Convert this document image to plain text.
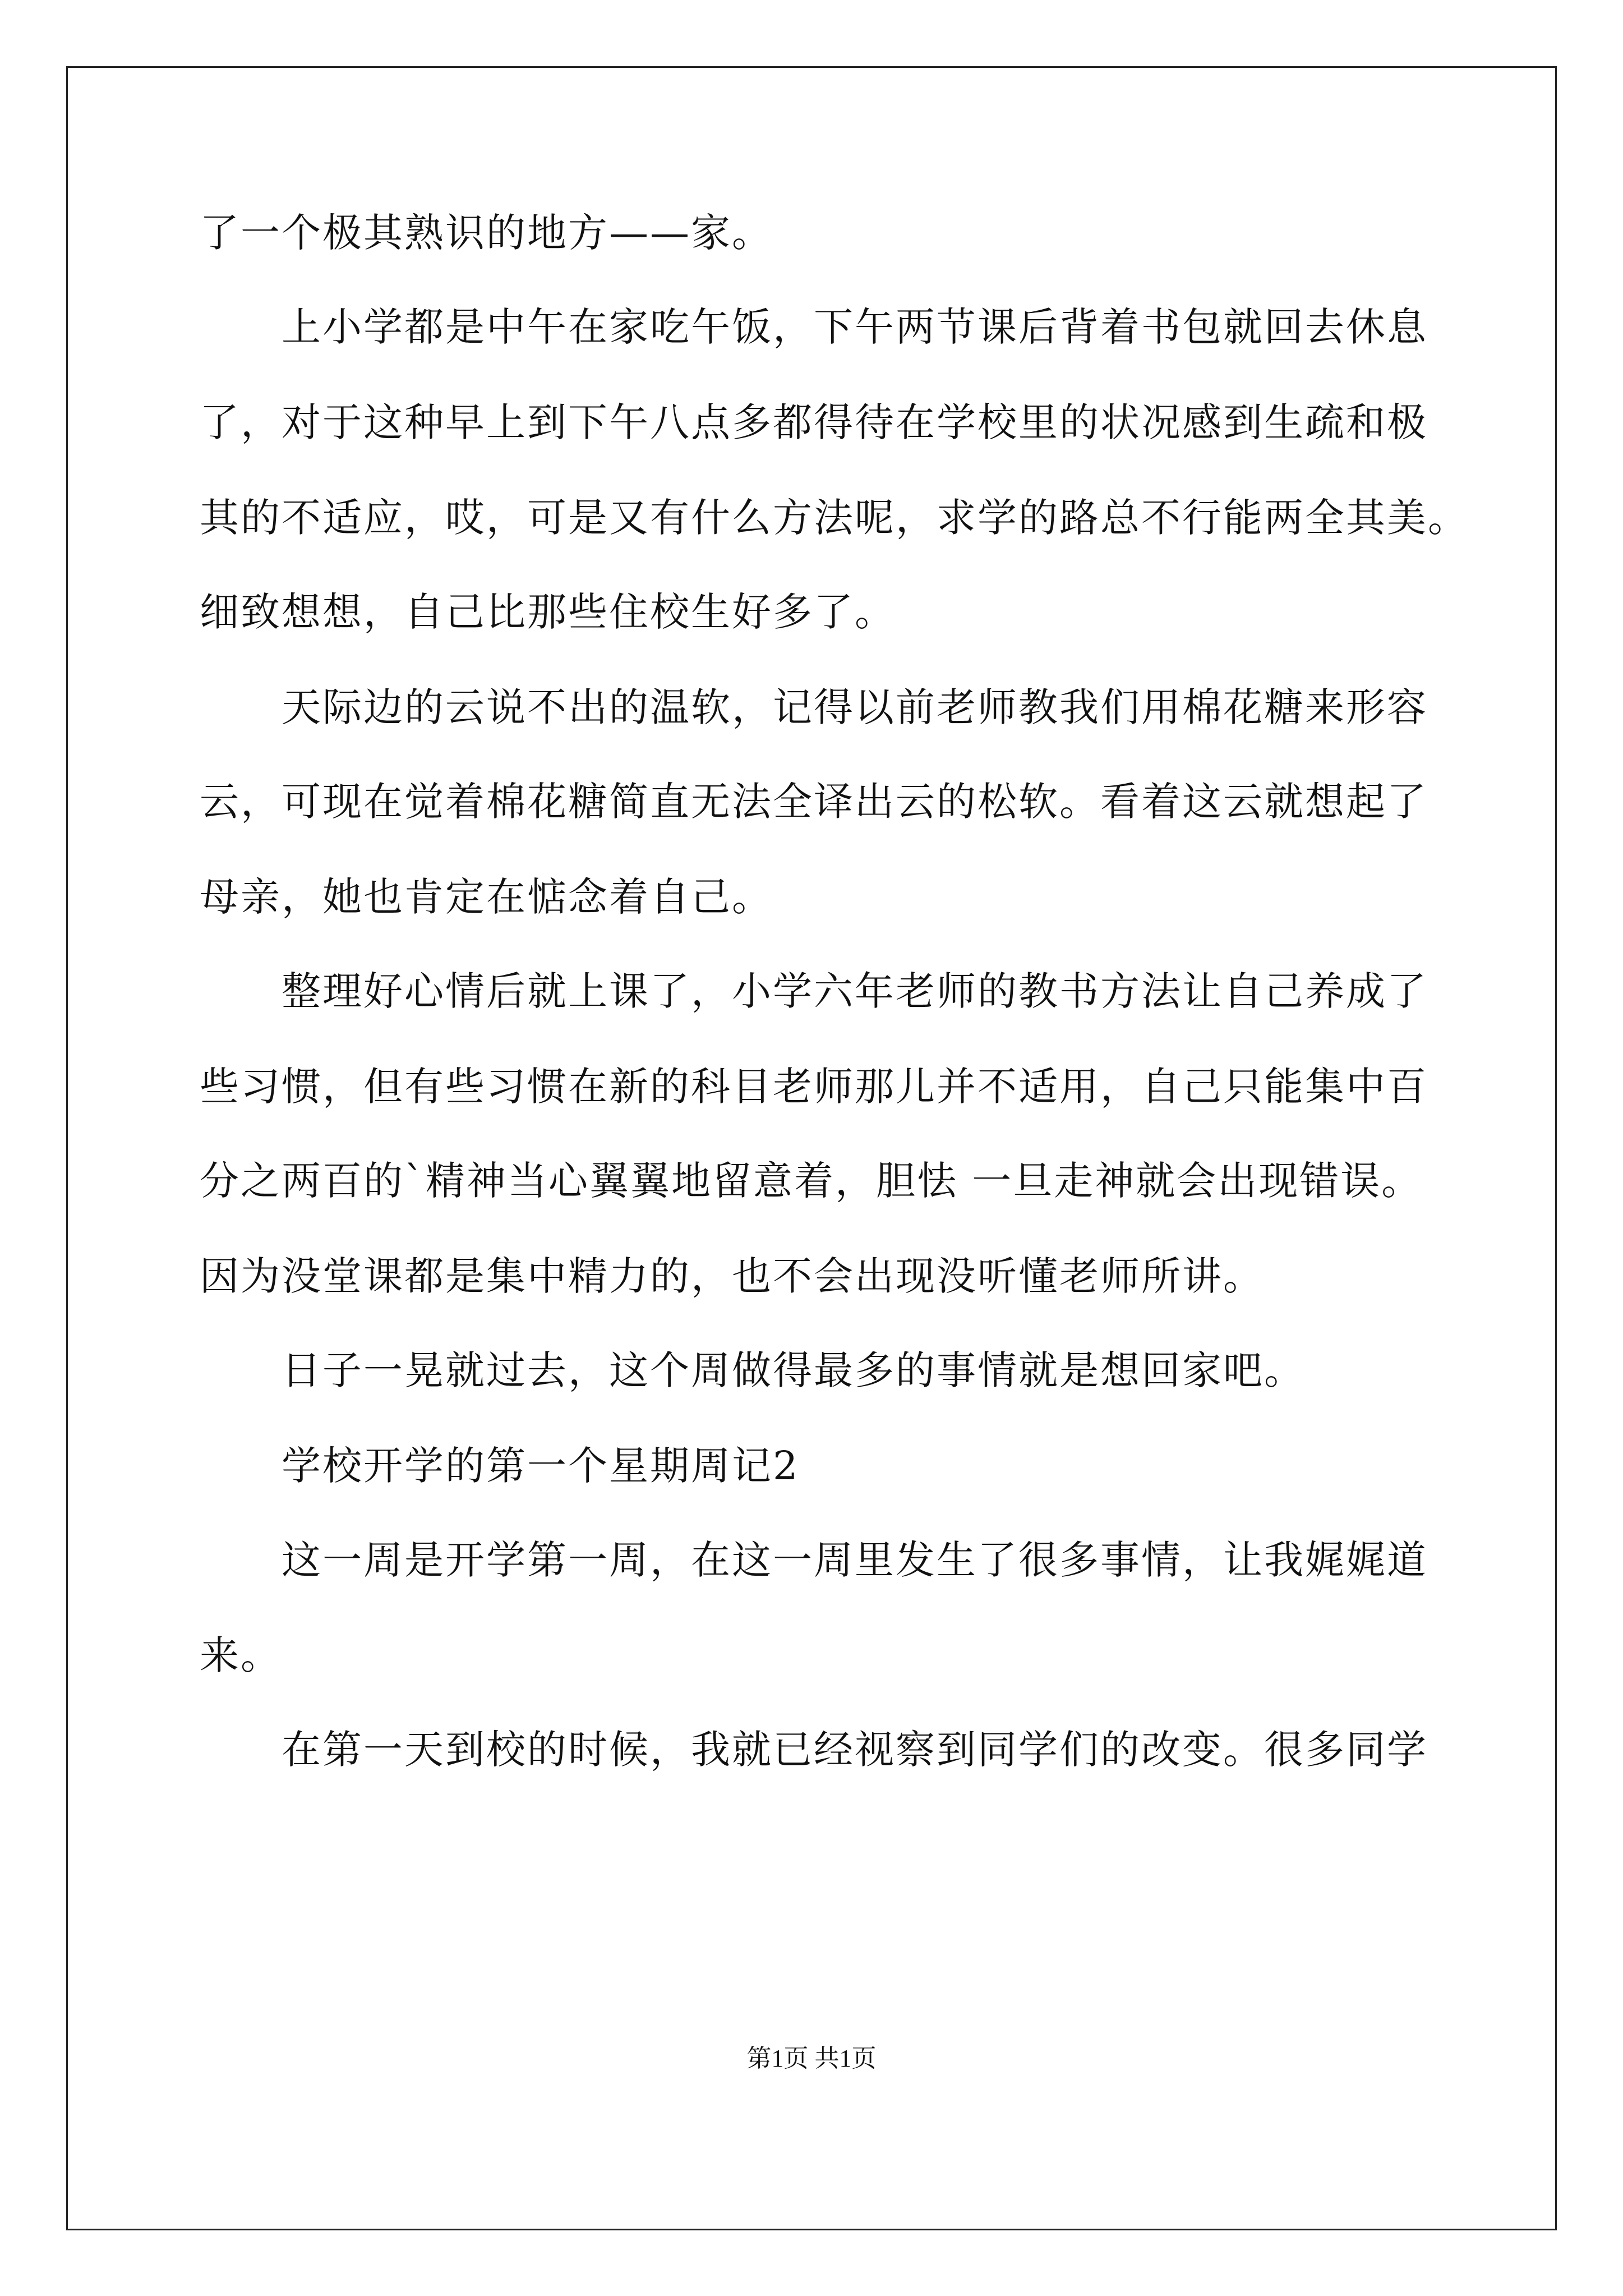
了一个极其熟识的地方——家。
上小学都是中午在家吃午饭，下午两节课后背着书包就回去休息
了，对于这种早上到下午八点多都得待在学校里的状况感到生疏和极
其的不适应，哎，可是又有什么方法呢，求学的路总不行能两全其美。
细致想想，自己比那些住校生好多了。
天际边的云说不出的温软，记得以前老师教我们用棉花糖来形容
云，可现在觉着棉花糖简直无法全译出云的松软。看着这云就想起了
母亲，她也肯定在惦念着自己。
整理好心情后就上课了，小学六年老师的教书方法让自己养成了
些习惯，但有些习惯在新的科目老师那儿并不适用，自己只能集中百
分之两百的`精神当心翼翼地留意着，胆怯 一旦走神就会出现错误。
因为没堂课都是集中精力的，也不会出现没听懂老师所讲。
日子一晃就过去，这个周做得最多的事情就是想回家吧。
学校开学的第一个星期周记2
这一周是开学第一周，在这一周里发生了很多事情，让我娓娓道
来。
在第一天到校的时候，我就已经视察到同学们的改变。很多同学
第1页 共1页
